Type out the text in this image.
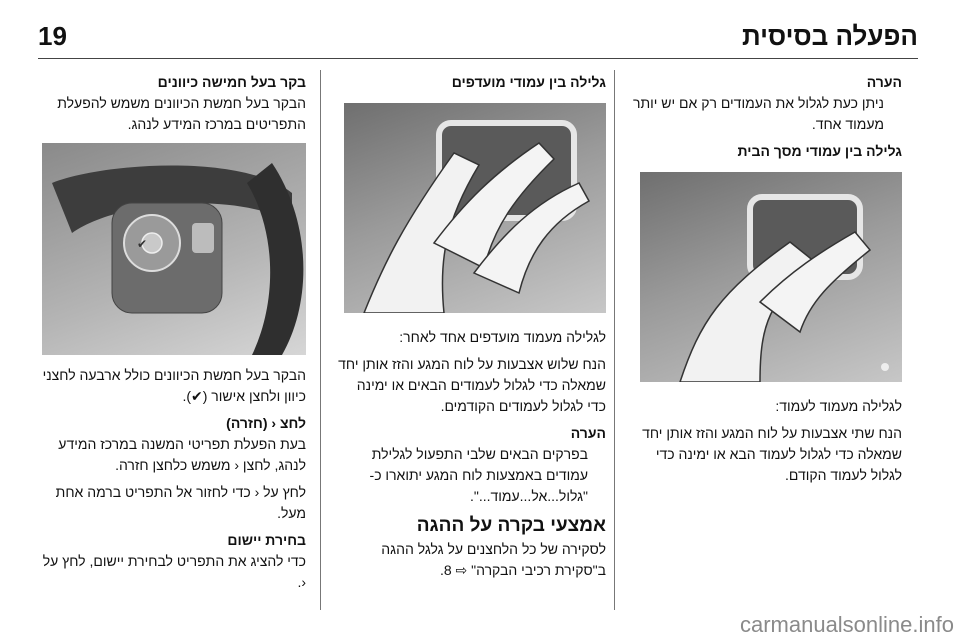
19	הפעלה בסיסית

הערה

ניתן כעת לגלול את העמודים רק אם יש יותר מעמוד אחד.

גלילה בין עמודי מסך הבית

לגלילה מעמוד לעמוד:

הנח שתי אצבעות על לוח המגע והזז אותן יחד שמאלה כדי לגלול לעמוד הבא או ימינה כדי לגלול לעמוד הקודם.

גלילה בין עמודי מועדפים

לגלילה מעמוד מועדפים אחד לאחר:

הנח שלוש אצבעות על לוח המגע והזז אותן יחד שמאלה כדי לגלול לעמודים הבאים או ימינה כדי לגלול לעמודים הקודמים.

הערה

בפרקים הבאים שלבי התפעול לגלילת עמודים באמצעות לוח המגע יתוארו כ-"גלול...אל...עמוד...".

אמצעי בקרה על ההגה

לסקירה של כל הלחצנים על גלגל ההגה ב"סקירת רכיבי הבקרה" ⇨ 8.

בקר בעל חמישה כיוונים

הבקר בעל חמשת הכיוונים משמש להפעלת התפריטים במרכז המידע לנהג.

✔

הבקר בעל חמשת הכיוונים כולל ארבעה לחצני כיוון ולחצן אישור (✔).

לחצ ‹ (חזרה)

בעת הפעלת תפריטי המשנה במרכז המידע לנהג, לחצן ‹ משמש כלחצן חזרה.

לחץ על ‹ כדי לחזור אל התפריט ברמה אחת מעל.

בחירת יישום

כדי להציג את התפריט לבחירת יישום, לחץ על ‹.

carmanualsonline.info
